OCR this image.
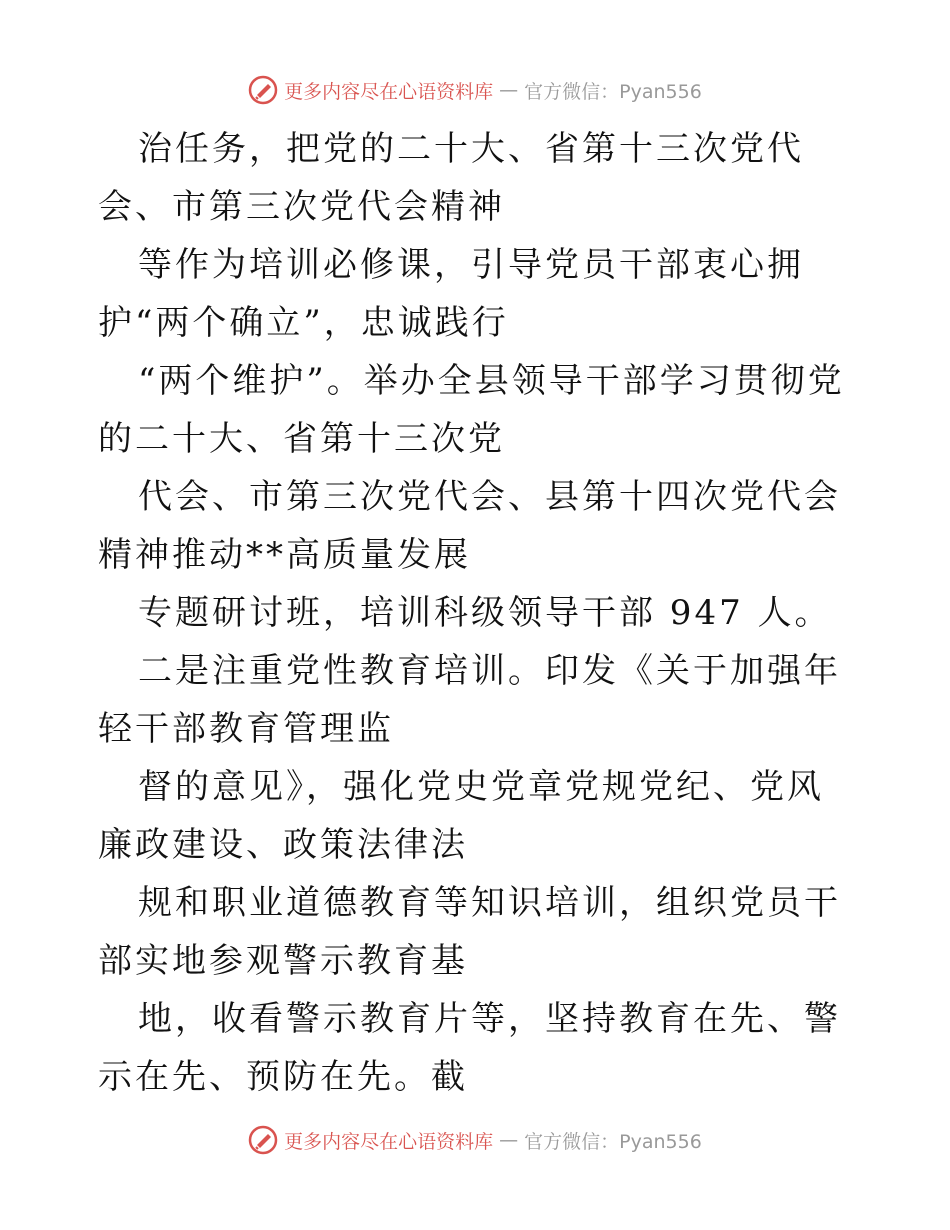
更多内容尽在心语资料库 — 官方微信：Pyan556

治任务，把党的二十大、省第十三次党代会、市第三次党代会精神

等作为培训必修课，引导党员干部衷心拥护“两个确立”，忠诚践行

“两个维护”。举办全县领导干部学习贯彻党的二十大、省第十三次党

代会、市第三次党代会、县第十四次党代会精神推动**高质量发展

专题研讨班，培训科级领导干部 947 人。

二是注重党性教育培训。印发《关于加强年轻干部教育管理监

督的意见》，强化党史党章党规党纪、党风廉政建设、政策法律法

规和职业道德教育等知识培训，组织党员干部实地参观警示教育基

地，收看警示教育片等，坚持教育在先、警示在先、预防在先。截

更多内容尽在心语资料库 — 官方微信：Pyan556
